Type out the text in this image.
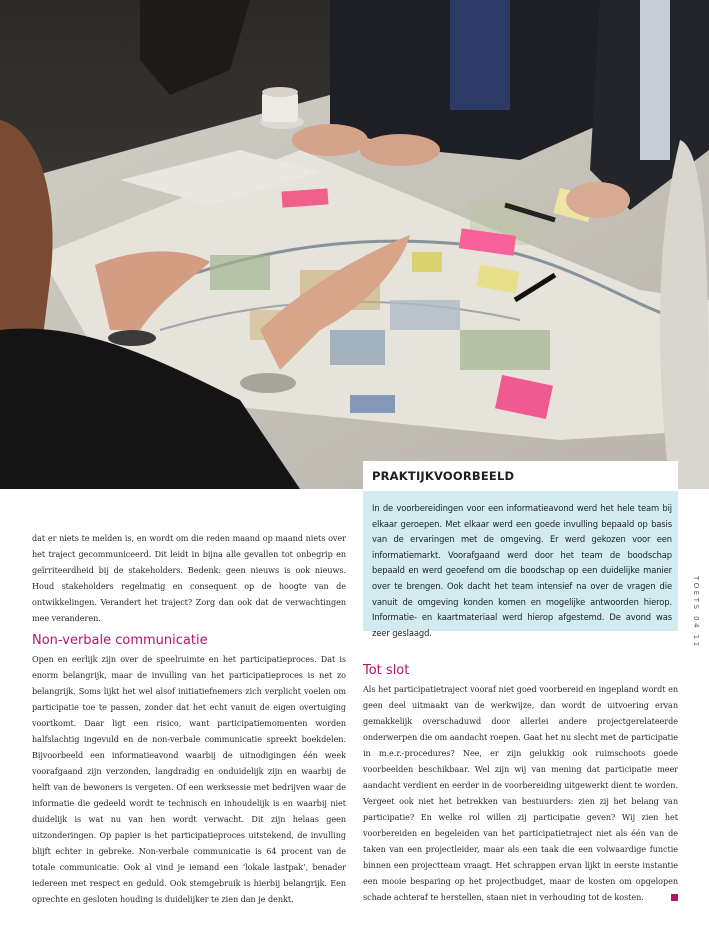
TOETS 04 11
PRAKTIJKVOORBEELD

In de voorbereidingen voor een informatieavond werd het hele team bij elkaar geroepen. Met elkaar werd een goede invulling bepaald op basis van de ervaringen met de omgeving. Er werd gekozen voor een informatiemarkt. Voorafgaand werd door het team de boodschap bepaald en werd geoefend om die boodschap op een duidelijke manier over te brengen. Ook dacht het team intensief na over de vragen die vanuit de omgeving konden komen en mogelijke antwoorden hierop. Informatie- en kaartmateriaal werd hierop afgestemd. De avond was zeer geslaagd.

dat er niets te melden is, en wordt om die reden maand op maand niets over het traject gecommuniceerd. Dit leidt in bijna alle gevallen tot onbegrip en geïrriteerdheid bij de stakeholders. Bedenk: geen nieuws is ook nieuws. Houd stakeholders regelmatig en consequent op de hoogte van de ontwikkelingen. Verandert het traject? Zorg dan ook dat de verwachtingen mee veranderen.

Non-verbale communicatie

Open en eerlijk zijn over de speelruimte en het participatieproces. Dat is enorm belangrijk, maar de invulling van het participatieproces is net zo belangrijk. Soms lijkt het wel alsof initiatiefnemers zich verplicht voelen om participatie toe te passen, zonder dat het echt vanuit de eigen overtuiging voortkomt. Daar ligt een risico, want participatiemomenten worden halfslachtig ingevuld en de non-verbale communicatie spreekt boekdelen. Bijvoorbeeld een informatieavond waarbij de uitnodigingen één week voorafgaand zijn verzonden, langdradig en onduidelijk zijn en waarbij de helft van de bewoners is vergeten. Of een werksessie met bedrijven waar de informatie die gedeeld wordt te technisch en inhoudelijk is en waarbij niet duidelijk is wat nu van hen wordt verwacht. Dit zijn helaas geen uitzonderingen. Op papier is het participatieproces uitstekend, de invulling blijft echter in gebreke. Non-verbale communicatie is 64 procent van de totale communicatie. Ook al vind je iemand een ‘lokale lastpak’, benader iedereen met respect en geduld. Ook stemgebruik is hierbij belangrijk. Een oprechte en gesloten houding is duidelijker te zien dan je denkt.

Tot slot

Als het participatietraject vooraf niet goed voorbereid en ingepland wordt en geen deel uitmaakt van de werkwijze, dan wordt de uitvoering ervan gemakkelijk overschaduwd door allerlei andere projectgerelateerde onderwerpen die om aandacht roepen. Gaat het nu slecht met de participatie in m.e.r.-procedures? Nee, er zijn gelukkig ook ruimschoots goede voorbeelden beschikbaar. Wel zijn wij van mening dat participatie meer aandacht verdient en eerder in de voorbereiding uitgewerkt dient te worden. Vergeet ook niet het betrekken van bestuurders: zien zij het belang van participatie? En welke rol willen zij participatie geven? Wij zien het voorbereiden en begeleiden van het participatietraject niet als één van de taken van een projectleider, maar als een taak die een volwaardige functie binnen een projectteam vraagt. Het schrappen ervan lijkt in eerste instantie een mooie besparing op het projectbudget, maar de kosten om opgelopen schade achteraf te herstellen, staan niet in verhouding tot de kosten.
